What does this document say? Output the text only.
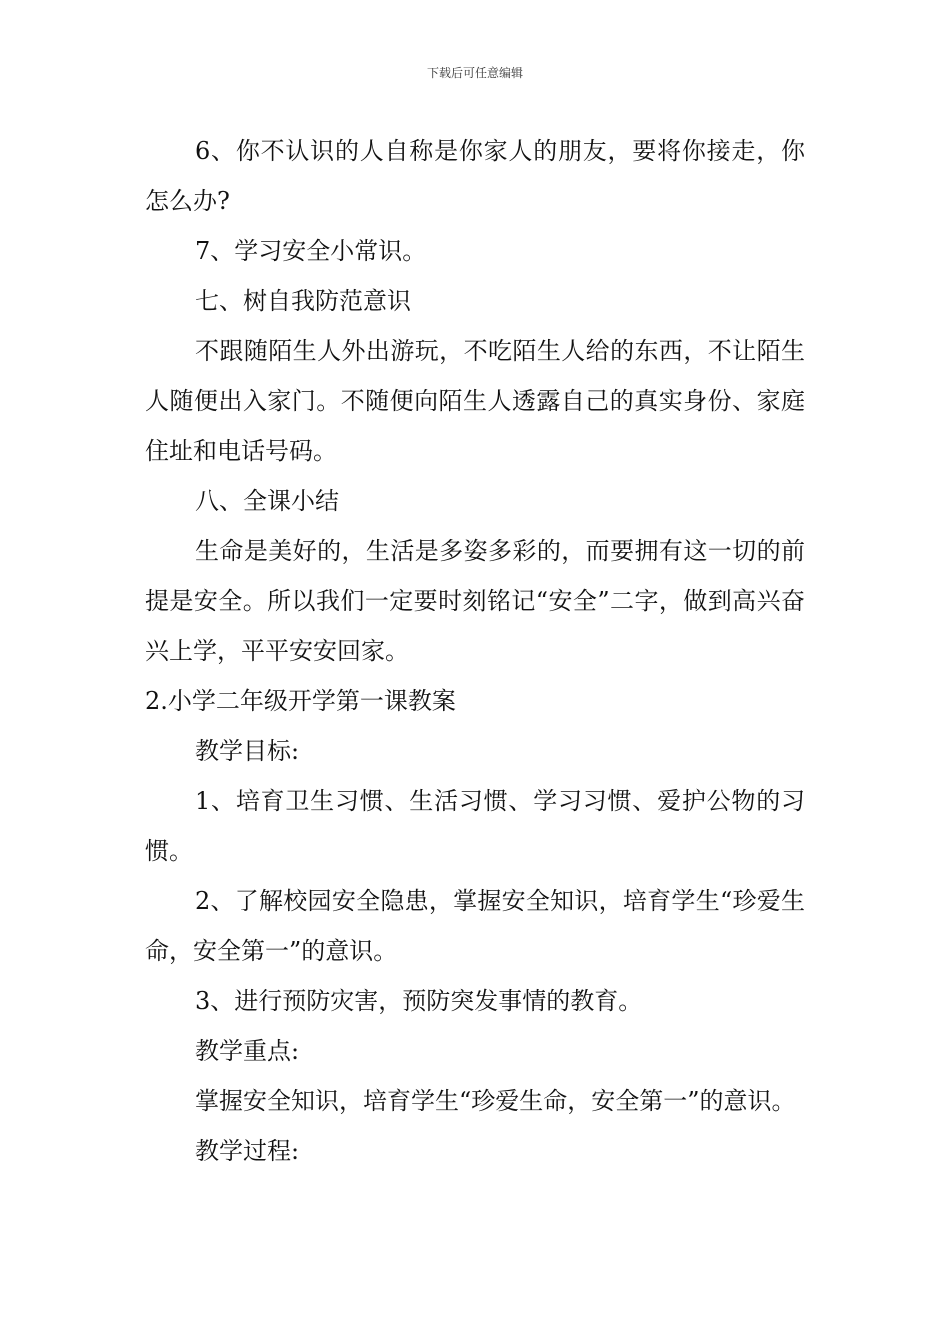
下载后可任意编辑

6、你不认识的人自称是你家人的朋友，要将你接走，你怎么办?

7、学习安全小常识。

七、树自我防范意识

不跟随陌生人外出游玩，不吃陌生人给的东西，不让陌生人随便出入家门。不随便向陌生人透露自己的真实身份、家庭住址和电话号码。

八、全课小结

生命是美好的，生活是多姿多彩的，而要拥有这一切的前提是安全。所以我们一定要时刻铭记“安全”二字，做到高兴奋兴上学，平平安安回家。

2.小学二年级开学第一课教案

教学目标:

1、培育卫生习惯、生活习惯、学习习惯、爱护公物的习惯。

2、了解校园安全隐患，掌握安全知识，培育学生“珍爱生命，安全第一”的意识。

3、进行预防灾害，预防突发事情的教育。

教学重点:

掌握安全知识，培育学生“珍爱生命，安全第一”的意识。

教学过程:
